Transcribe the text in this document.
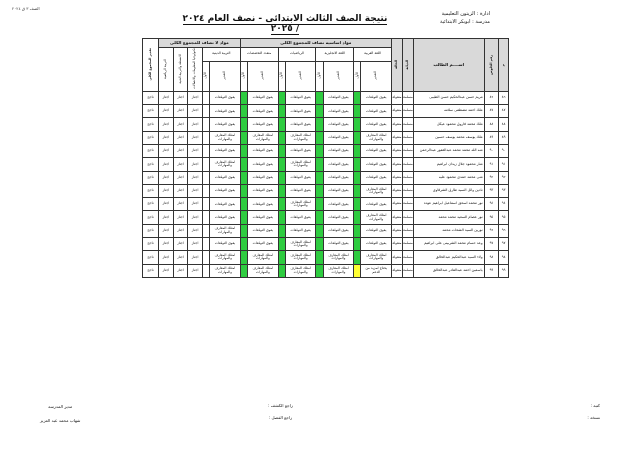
الصف ٣ ق ٢٠٢٤
ادارة : الزيتون التعليمية
مدرسة : ابوبكر الابتدائية
نتيجة الصف الثالث الابتدائى - نصف العام ٢٠٢٤ / ٢٠٢٥
م	رقم الجلوس	اســــم الطالب	الديانة	الحالة	مواد اساسية تضاف للمجموع الكلى								مواد لا تضاف للمجموع الكلى					تقدير المجموع الكلى
					اللغة العربية		اللغة الانجليزية		الرياضيات		متعدد التخصصات		التربية الدينية		تكنولوجيا المعلومات والاتصالات	الانشطة والتربية الفنية	التربية الرياضية	
					التقدير	الأول	التقدير	الأول	التقدير	الأول	التقدير	الأول	التقدير	الأول				
٨٦	٨٦	مريم حسن عبدالحكيم حسن الطيبى	مسلمة	منقولة	يفوق التوقعات		يفوق التوقعات		يفوق التوقعات		يفوق التوقعات		يفوق التوقعات		اجتاز	اجتاز	اجتاز	ناجح
٨٧	٨٧	ملك احمد مصطفى سلامه	مسلمة	منقولة	يفوق التوقعات		يفوق التوقعات		يفوق التوقعات		يفوق التوقعات		يفوق التوقعات		اجتاز	اجتاز	اجتاز	ناجح
٨٨	٨٨	ملك محمد فاروق محمود عيكل	مسلمة	منقولة	يفوق التوقعات		يفوق التوقعات		يفوق التوقعات		يفوق التوقعات		يفوق التوقعات		اجتاز	اجتاز	اجتاز	ناجح
٨٩	٨٩	ملك يوسف محمد يوسف حسين	مسلمة	منقولة	امتلك المعارف والمهارات		يفوق التوقعات		امتلك المعارف والمهارات		امتلك المعارف والمهارات		امتلك المعارف والمهارات		اجتاز	اجتاز	اجتاز	ناجح
٩٠	٩٠	منه الله محمد محمد عبدالغفور عبدالرحمن	مسلمة	منقولة	يفوق التوقعات		يفوق التوقعات		يفوق التوقعات		يفوق التوقعات		يفوق التوقعات		اجتاز	اجتاز	اجتاز	ناجح
٩١	٩١	منار محمود جلال زيدان ابراهيم	مسلمة	منقولة	يفوق التوقعات		يفوق التوقعات		امتلك المعارف والمهارات		يفوق التوقعات		امتلك المعارف والمهارات		اجتاز	اجتاز	اجتاز	ناجح
٩٢	٩٢	منى محمد حمدى محمود عليه	مسلمة	منقولة	يفوق التوقعات		يفوق التوقعات		يفوق التوقعات		يفوق التوقعات		يفوق التوقعات		اجتاز	اجتاز	اجتاز	ناجح
٩٣	٩٣	نادين وائل السيد طارق الشرقاوى	مسلمة	منقولة	امتلك المعارف والمهارات		يفوق التوقعات		يفوق التوقعات		يفوق التوقعات		يفوق التوقعات		اجتاز	اجتاز	اجتاز	ناجح
٩٤	٩٤	نور محمد اسحق اسماعيل ابراهيم عوده	مسلمة	منقولة	يفوق التوقعات		يفوق التوقعات		امتلك المعارف والمهارات		يفوق التوقعات		يفوق التوقعات		اجتاز	اجتاز	اجتاز	ناجح
٩٥	٩٥	نور عصام السعيد محمد محمد	مسلمة	منقولة	امتلك المعارف والمهارات		يفوق التوقعات		يفوق التوقعات		يفوق التوقعات		يفوق التوقعات		اجتاز	اجتاز	اجتاز	ناجح
٩٦	٩٦	نورين السيد الشحات محمد	مسلمة	منقولة	يفوق التوقعات		يفوق التوقعات		يفوق التوقعات		يفوق التوقعات		امتلك المعارف والمهارات		اجتاز	اجتاز	اجتاز	ناجح
٩٧	٩٧	وعد حسام محمد الشربينى على ابراهيم	مسلمة	منقولة	يفوق التوقعات		يفوق التوقعات		امتلك المعارف والمهارات		يفوق التوقعات		يفوق التوقعات		اجتاز	اجتاز	اجتاز	ناجح
٩٨	٩٨	ولاء السيد عبدالحكيم عبدالخالق	مسلمة	منقولة	امتلك المعارف والمهارات		امتلك المعارف والمهارات		امتلك المعارف والمهارات		امتلك المعارف والمهارات		امتلك المعارف والمهارات		اجتاز	اجتاز	اجتاز	ناجح
٩٩	٩٩	ياسمين احمد عبدالقادر عبدالخالق	مسلمة	منقولة	يحتاج لمزيد من الدعم		امتلك المعارف والمهارات		امتلك المعارف والمهارات		امتلك المعارف والمهارات		امتلك المعارف والمهارات		اجتاز	اجتاز	اجتاز	ناجح
كتبه :
نسخه :
راجع الكشف :
راجع الفصل :
مدير المدرسة
شهاب محمد عبد العزيز
